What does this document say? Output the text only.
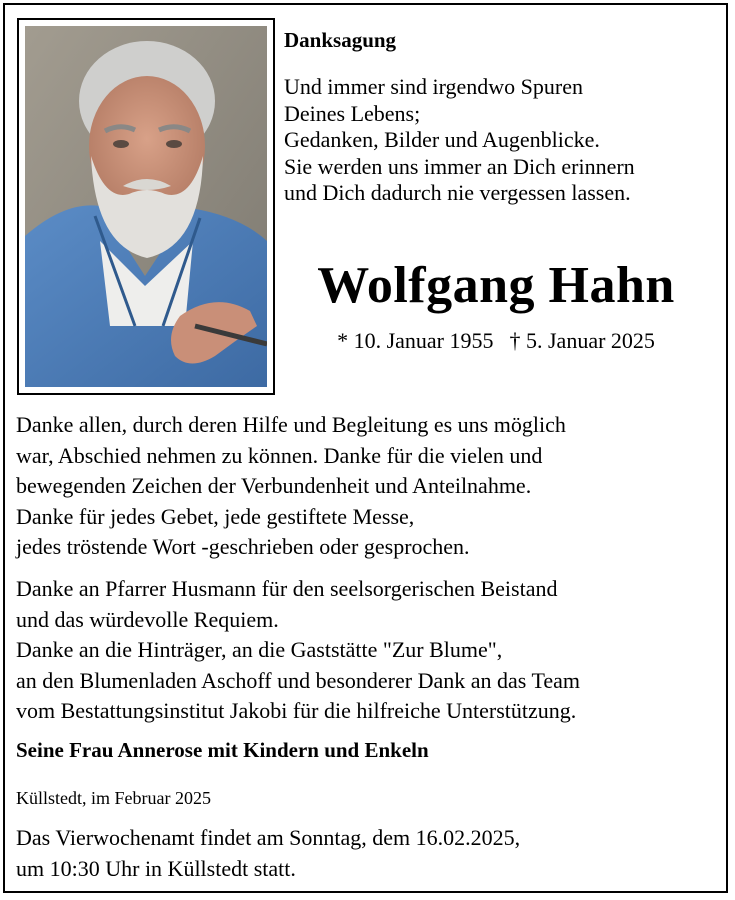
Danksagung
Und immer sind irgendwo Spuren
Deines Lebens;
Gedanken, Bilder und Augenblicke.
Sie werden uns immer an Dich erinnern
und Dich dadurch nie vergessen lassen.
Wolfgang Hahn
* 10. Januar 1955 † 5. Januar 2025
Danke allen, durch deren Hilfe und Begleitung es uns möglich
war, Abschied nehmen zu können. Danke für die vielen und
bewegenden Zeichen der Verbundenheit und Anteilnahme.
Danke für jedes Gebet, jede gestiftete Messe,
jedes tröstende Wort -geschrieben oder gesprochen.
Danke an Pfarrer Husmann für den seelsorgerischen Beistand
und das würdevolle Requiem.
Danke an die Hinträger, an die Gaststätte "Zur Blume",
an den Blumenladen Aschoff und besonderer Dank an das Team
vom Bestattungsinstitut Jakobi für die hilfreiche Unterstützung.
Seine Frau Annerose mit Kindern und Enkeln
Küllstedt, im Februar 2025
Das Vierwochenamt findet am Sonntag, dem 16.02.2025,
um 10:30 Uhr in Küllstedt statt.
